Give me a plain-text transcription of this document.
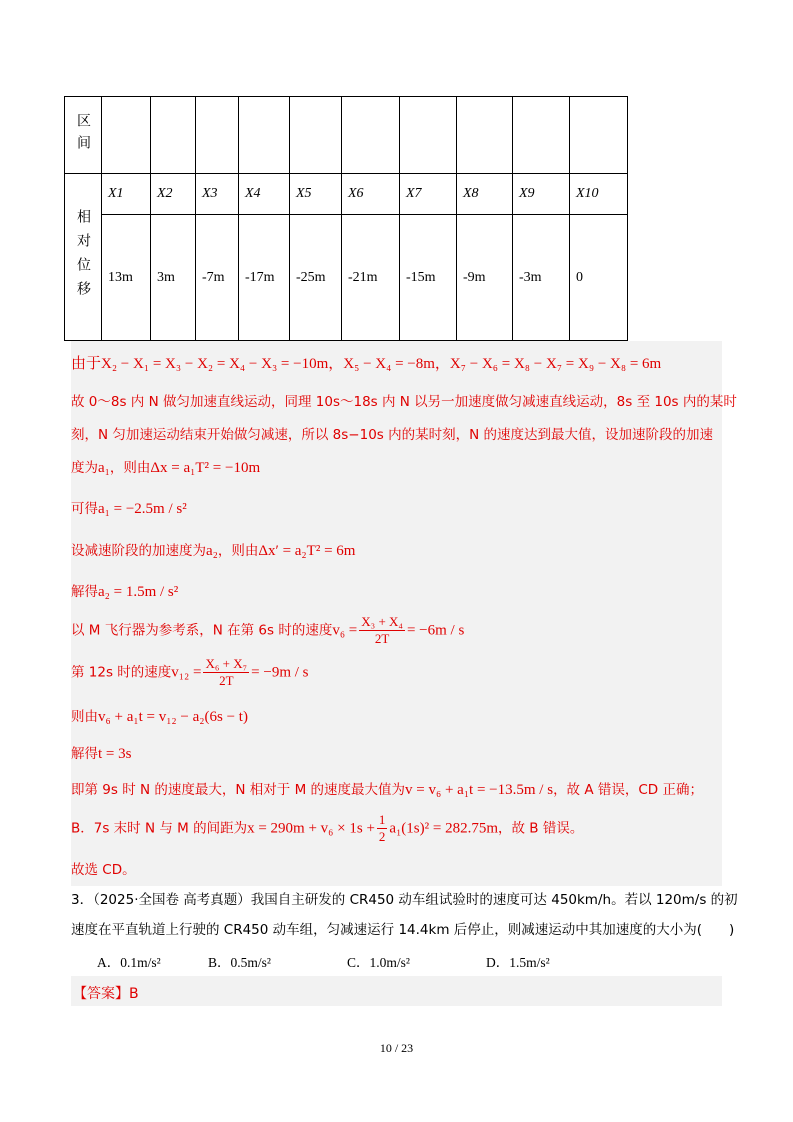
区间										
相对位移	X1	X2	X3	X4	X5	X6	X7	X8	X9	X10
	13m	3m	-7m	-17m	-25m	-21m	-15m	-9m	-3m	0
由于X₂ − X₁ = X₃ − X₂ = X₄ − X₃ = −10m，X₅ − X₄ = −8m，X₇ − X₆ = X₈ − X₇ = X₉ − X₈ = 6m
故 0～8s 内 N 做匀加速直线运动，同理 10s～18s 内 N 以另一加速度做匀减速直线运动，8s 至 10s 内的某时
刻，N 匀加速运动结束开始做匀减速，所以 8s−10s 内的某时刻，N 的速度达到最大值，设加速阶段的加速
度为a₁，则由Δx = a₁T² = −10m
可得a₁ = −2.5m / s²
设减速阶段的加速度为a₂，则由Δx′ = a₂T² = 6m
解得a₂ = 1.5m / s²
以 M 飞行器为参考系，N 在第 6s 时的速度$v_6 = \frac{\text{X₃ + X₄}}{2T} = -6m / s$
第 12s 时的速度$v_{12} = \frac{\text{X₆ + X₇}}{2T} = -9m / s$
则由v₆ + a₁t = v₁₂ − a₂(6s − t)
解得t = 3s
即第 9s 时 N 的速度最大，N 相对于 M 的速度最大值为v = v₆ + a₁t = −13.5m / s，故 A 错误，CD 正确；
B．7s 末时 N 与 M 的间距为$x = 290m + v_6 \times 1s + \frac{1}{2} a_1(1s)^2 = 282.75m$，故 B 错误。
故选 CD。
3．（2025·全国卷 高考真题）我国自主研发的 CR450 动车组试验时的速度可达 450km/h。若以 120m/s 的初
速度在平直轨道上行驶的 CR450 动车组，匀减速运行 14.4km 后停止，则减速运动中其加速度的大小为(　　)
A．0.1m/s²	B．0.5m/s²	C．1.0m/s²	D．1.5m/s²
【答案】B
10 / 23
